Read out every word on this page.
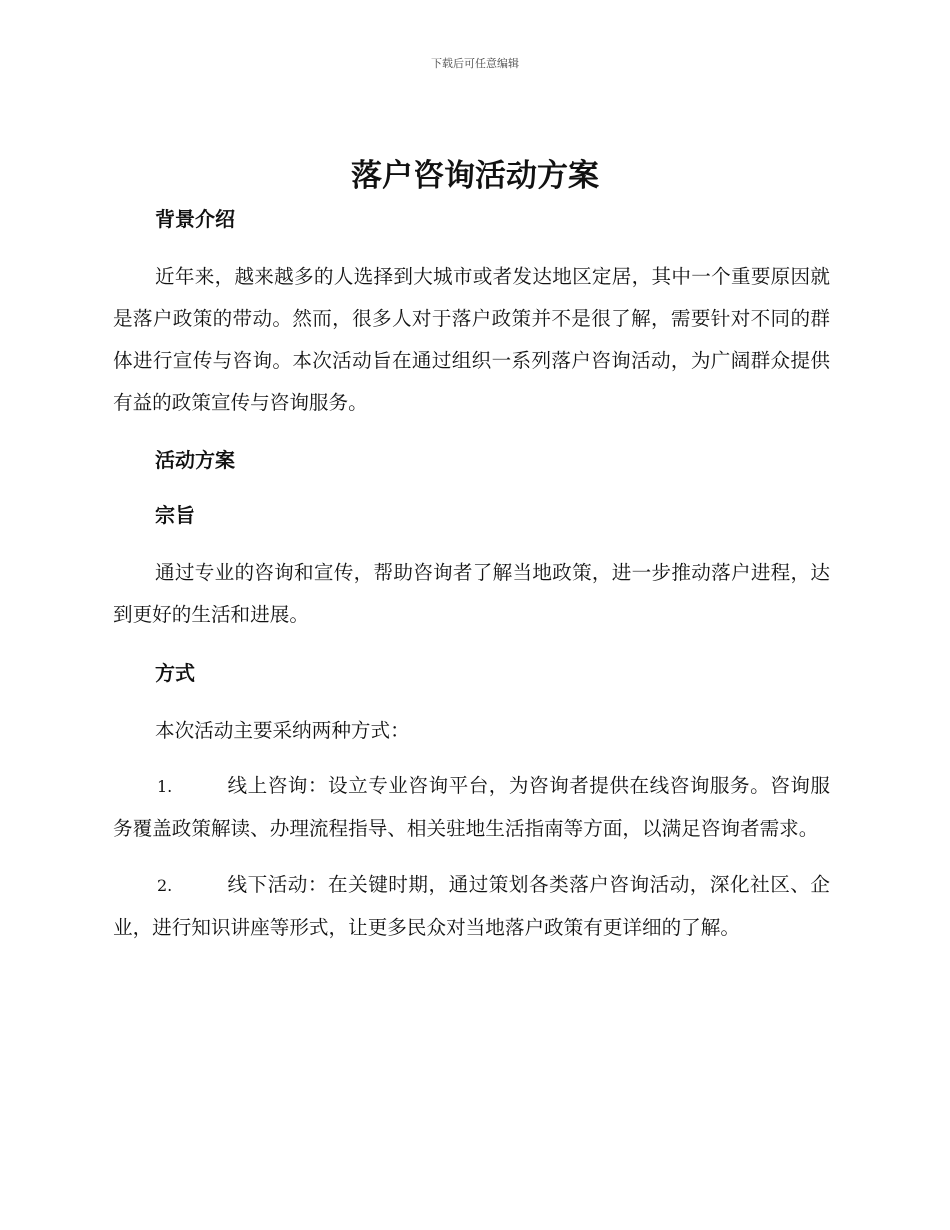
下载后可任意编辑
落户咨询活动方案

背景介绍

近年来，越来越多的人选择到大城市或者发达地区定居，其中一个重要原因就是落户政策的带动。然而，很多人对于落户政策并不是很了解，需要针对不同的群体进行宣传与咨询。本次活动旨在通过组织一系列落户咨询活动，为广阔群众提供有益的政策宣传与咨询服务。

活动方案

宗旨

通过专业的咨询和宣传，帮助咨询者了解当地政策，进一步推动落户进程，达到更好的生活和进展。

方式

本次活动主要采纳两种方式：

1.	线上咨询：设立专业咨询平台，为咨询者提供在线咨询服务。咨询服务覆盖政策解读、办理流程指导、相关驻地生活指南等方面，以满足咨询者需求。

2.	线下活动：在关键时期，通过策划各类落户咨询活动，深化社区、企业，进行知识讲座等形式，让更多民众对当地落户政策有更详细的了解。
